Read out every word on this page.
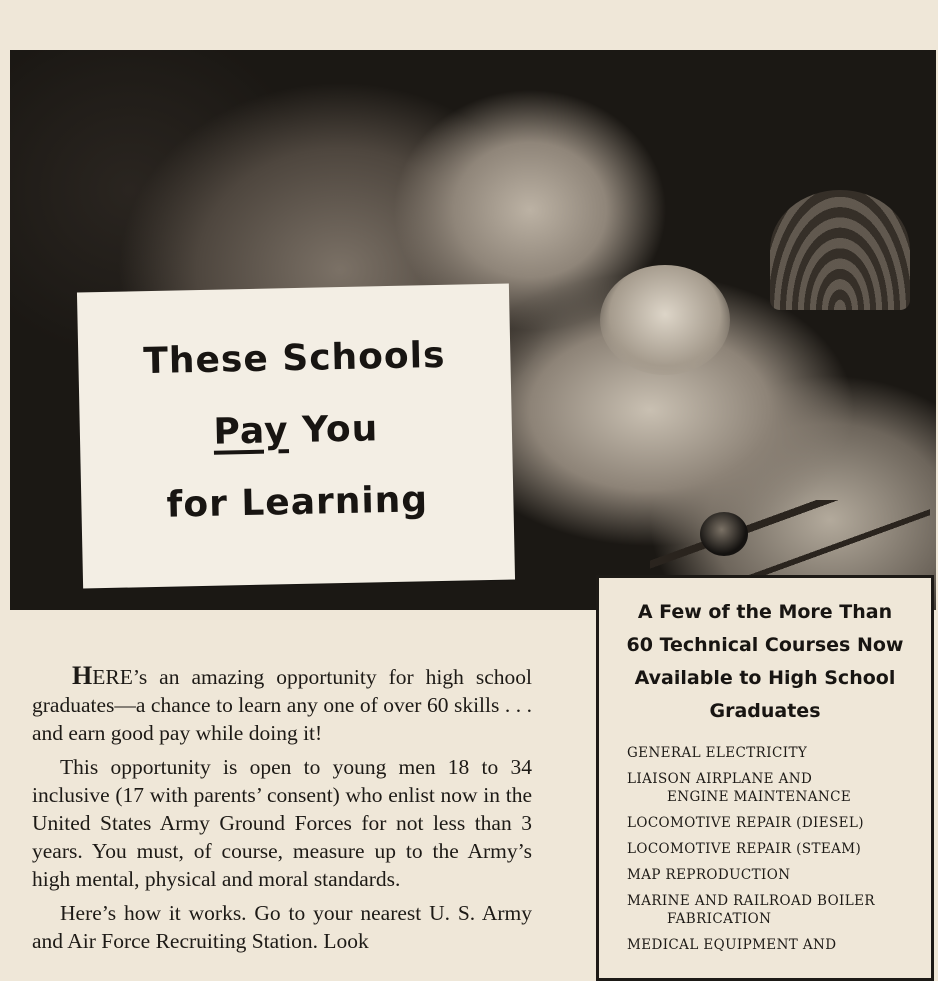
These Schools
Pay You
for Learning

HERE’s an amazing opportunity for high school graduates—a chance to learn any one of over 60 skills . . . and earn good pay while doing it!

This opportunity is open to young men 18 to 34 inclusive (17 with parents’ consent) who enlist now in the United States Army Ground Forces for not less than 3 years. You must, of course, measure up to the Army’s high mental, physical and moral standards.

Here’s how it works. Go to your nearest U. S. Army and Air Force Recruiting Station. Look

A Few of the More Than
60 Technical Courses Now
Available to High School
Graduates
GENERAL ELECTRICITY
LIAISON AIRPLANE AND
ENGINE MAINTENANCE
LOCOMOTIVE REPAIR (DIESEL)
LOCOMOTIVE REPAIR (STEAM)
MAP REPRODUCTION
MARINE AND RAILROAD BOILER
FABRICATION
MEDICAL EQUIPMENT AND
